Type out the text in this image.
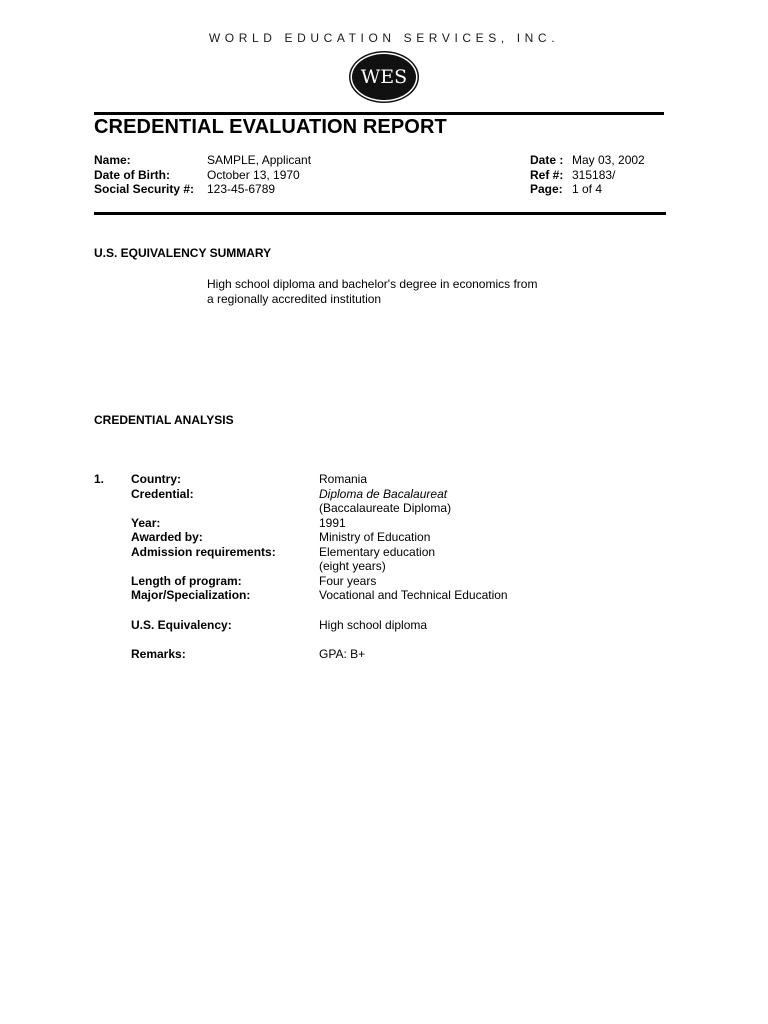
WORLD EDUCATION SERVICES, INC.
WES
CREDENTIAL EVALUATION REPORT
Name:
Date of Birth:
Social Security #:
SAMPLE, Applicant
October 13, 1970
123-45-6789
Date :
Ref #:
Page:
May 03, 2002
315183/
1 of 4
U.S. EQUIVALENCY SUMMARY
High school diploma and bachelor's degree in economics from
a regionally accredited institution
CREDENTIAL ANALYSIS
1. Country:
Credential:
Year:
Awarded by:
Admission requirements:
Length of program:
Major/Specialization:
U.S. Equivalency:
Remarks:
Romania
Diploma de Bacalaureat
(Baccalaureate Diploma)
1991
Ministry of Education
Elementary education
(eight years)
Four years
Vocational and Technical Education
High school diploma
GPA: B+
